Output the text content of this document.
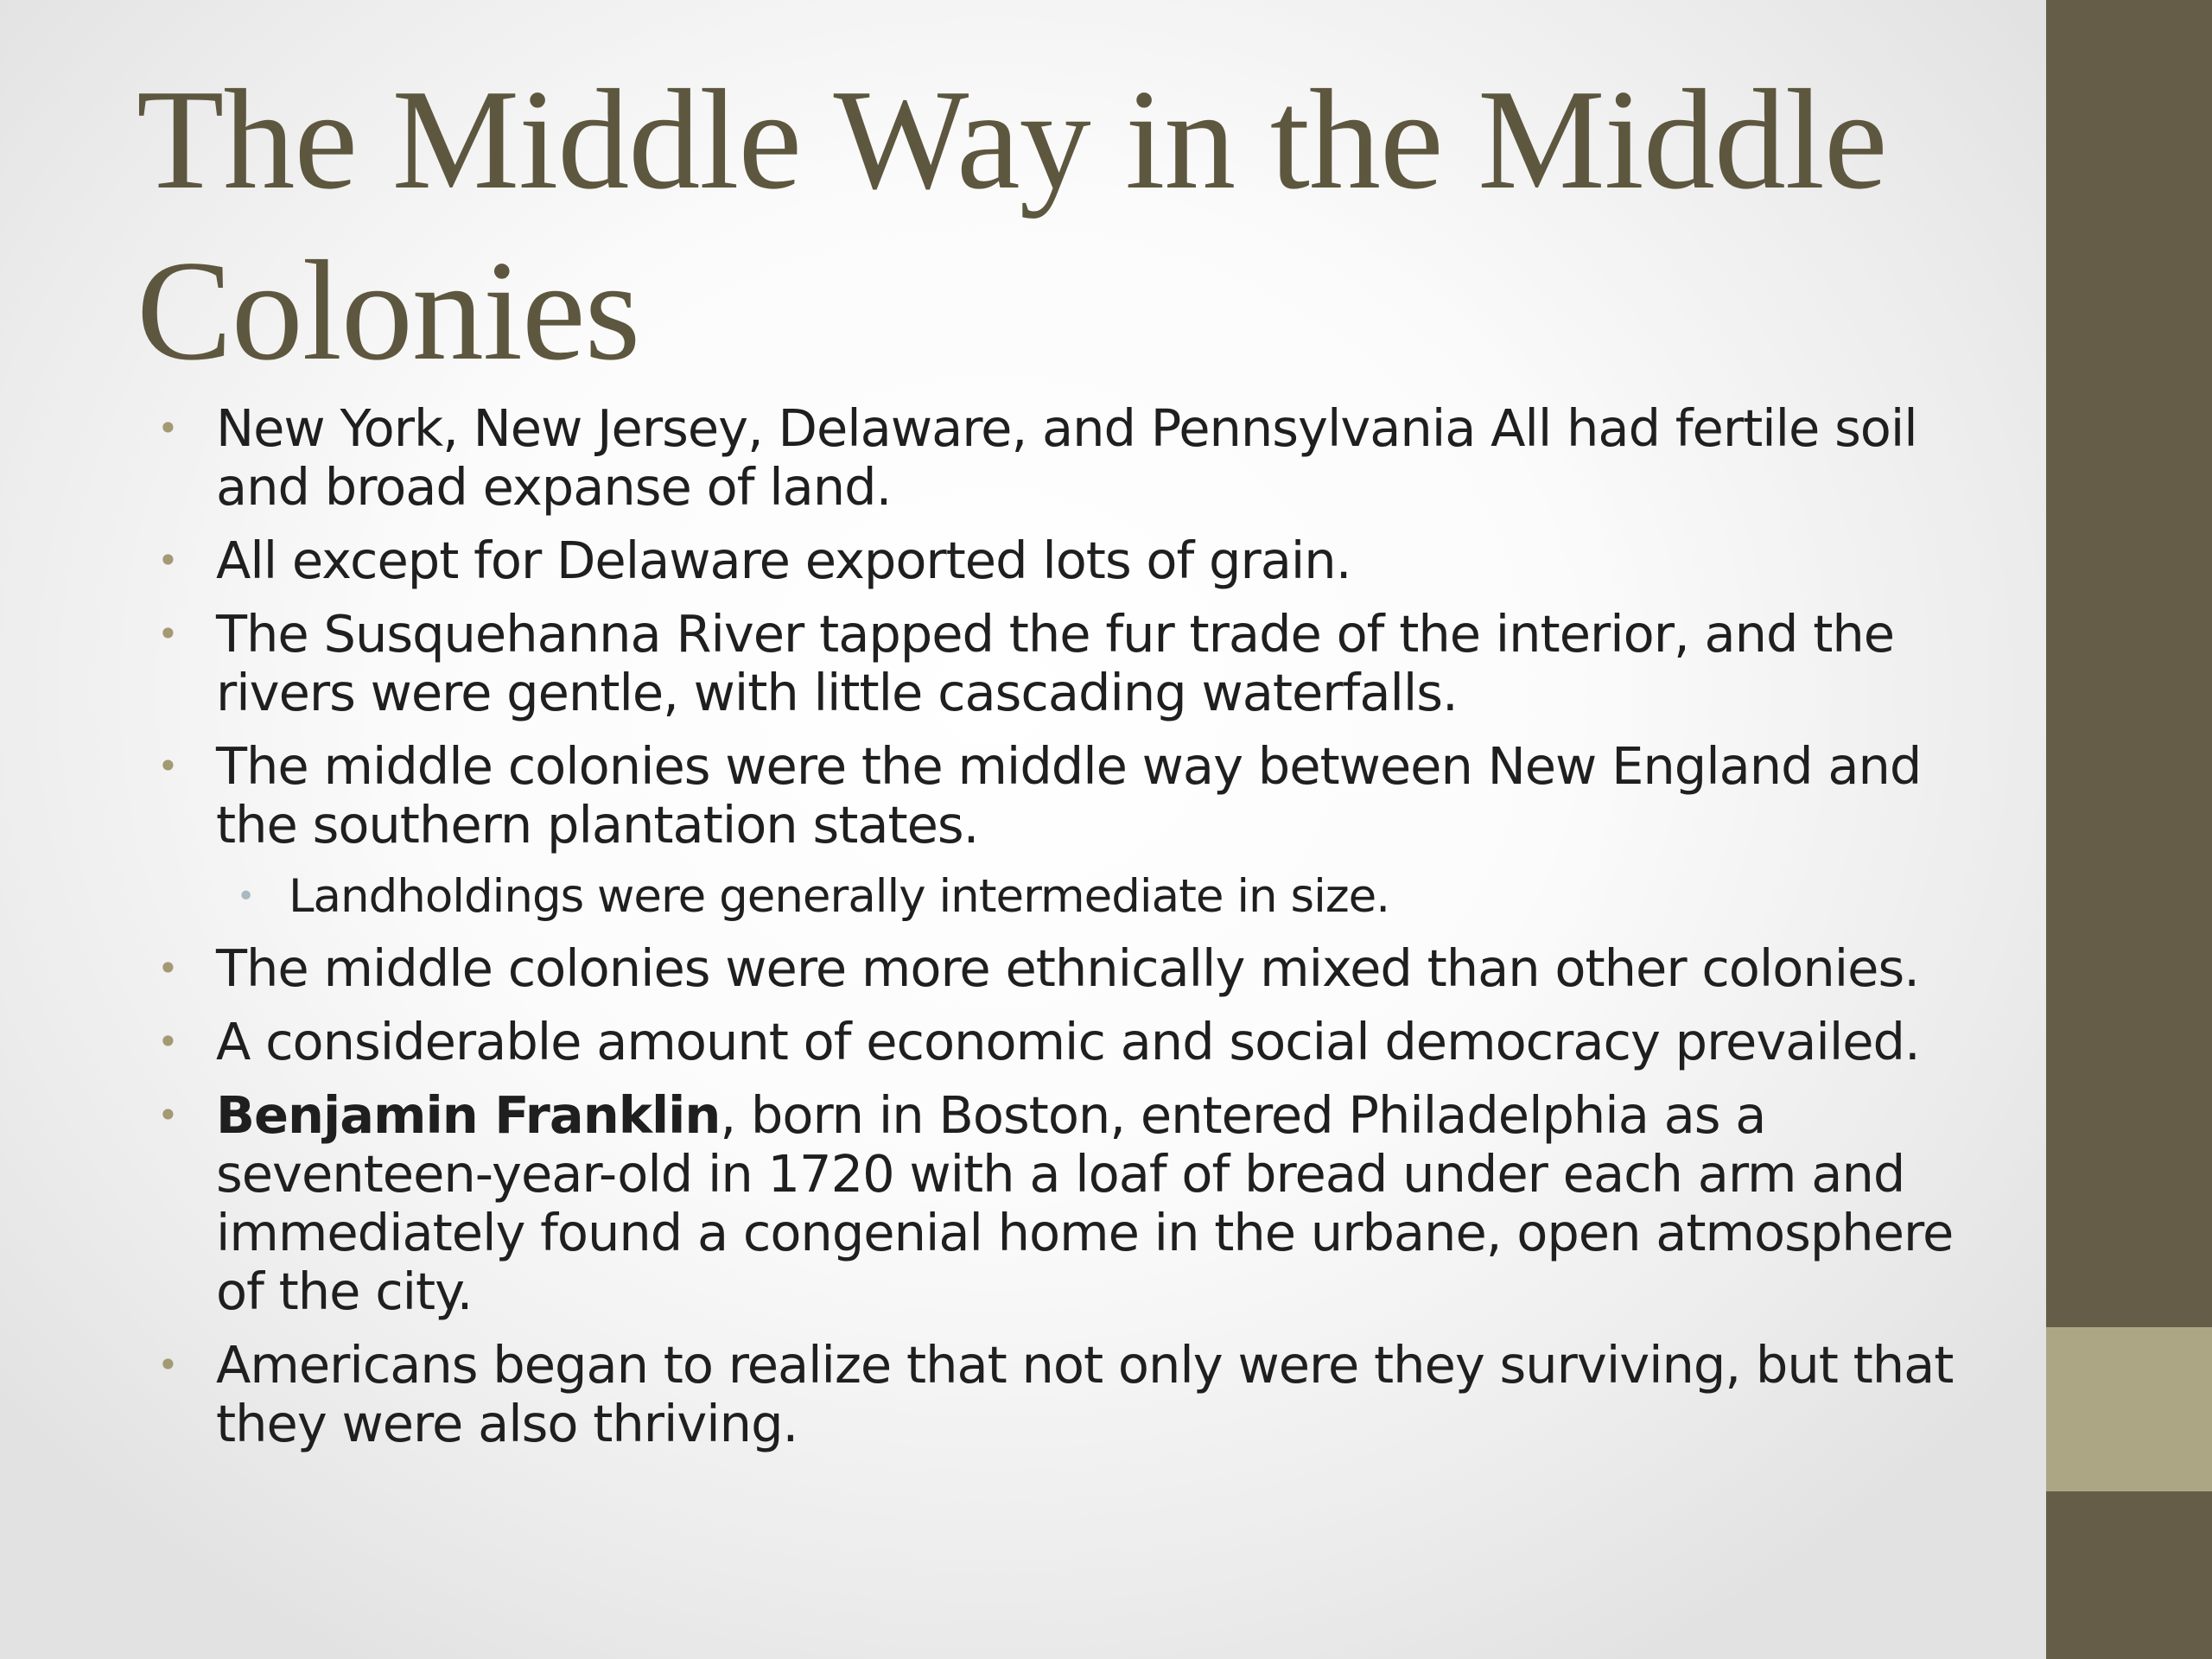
The Middle Way in the Middle Colonies
• New York, New Jersey, Delaware, and Pennsylvania All had fertile soil and broad expanse of land.
• All except for Delaware exported lots of grain.
• The Susquehanna River tapped the fur trade of the interior, and the rivers were gentle, with little cascading waterfalls.
• The middle colonies were the middle way between New England and the southern plantation states.
• Landholdings were generally intermediate in size.
• The middle colonies were more ethnically mixed than other colonies.
• A considerable amount of economic and social democracy prevailed.
• Benjamin Franklin, born in Boston, entered Philadelphia as a seventeen-year-old in 1720 with a loaf of bread under each arm and immediately found a congenial home in the urbane, open atmosphere of the city.
• Americans began to realize that not only were they surviving, but that they were also thriving.
